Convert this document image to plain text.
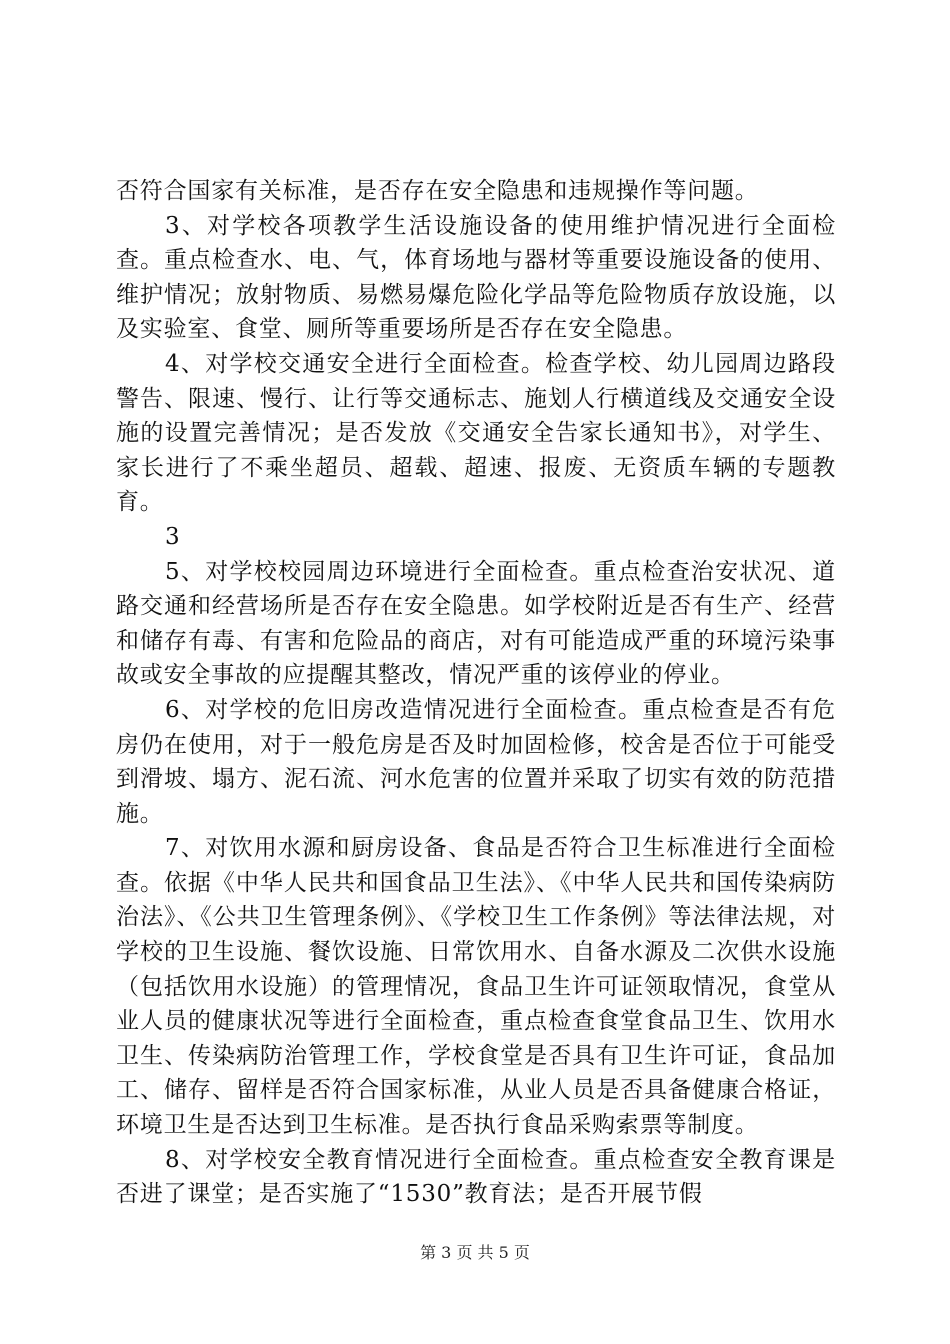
否符合国家有关标准，是否存在安全隐患和违规操作等问题。

3、对学校各项教学生活设施设备的使用维护情况进行全面检查。重点检查水、电、气，体育场地与器材等重要设施设备的使用、维护情况；放射物质、易燃易爆危险化学品等危险物质存放设施，以及实验室、食堂、厕所等重要场所是否存在安全隐患。

4、对学校交通安全进行全面检查。检查学校、幼儿园周边路段警告、限速、慢行、让行等交通标志、施划人行横道线及交通安全设施的设置完善情况；是否发放《交通安全告家长通知书》，对学生、家长进行了不乘坐超员、超载、超速、报废、无资质车辆的专题教育。

3

5、对学校校园周边环境进行全面检查。重点检查治安状况、道路交通和经营场所是否存在安全隐患。如学校附近是否有生产、经营和储存有毒、有害和危险品的商店，对有可能造成严重的环境污染事故或安全事故的应提醒其整改，情况严重的该停业的停业。

6、对学校的危旧房改造情况进行全面检查。重点检查是否有危房仍在使用，对于一般危房是否及时加固检修，校舍是否位于可能受到滑坡、塌方、泥石流、河水危害的位置并采取了切实有效的防范措施。

7、对饮用水源和厨房设备、食品是否符合卫生标准进行全面检查。依据《中华人民共和国食品卫生法》、《中华人民共和国传染病防治法》、《公共卫生管理条例》、《学校卫生工作条例》等法律法规，对学校的卫生设施、餐饮设施、日常饮用水、自备水源及二次供水设施（包括饮用水设施）的管理情况，食品卫生许可证领取情况，食堂从业人员的健康状况等进行全面检查，重点检查食堂食品卫生、饮用水卫生、传染病防治管理工作，学校食堂是否具有卫生许可证，食品加工、储存、留样是否符合国家标准，从业人员是否具备健康合格证，环境卫生是否达到卫生标准。是否执行食品采购索票等制度。

8、对学校安全教育情况进行全面检查。重点检查安全教育课是否进了课堂；是否实施了“1530”教育法；是否开展节假

第 3 页 共 5 页
